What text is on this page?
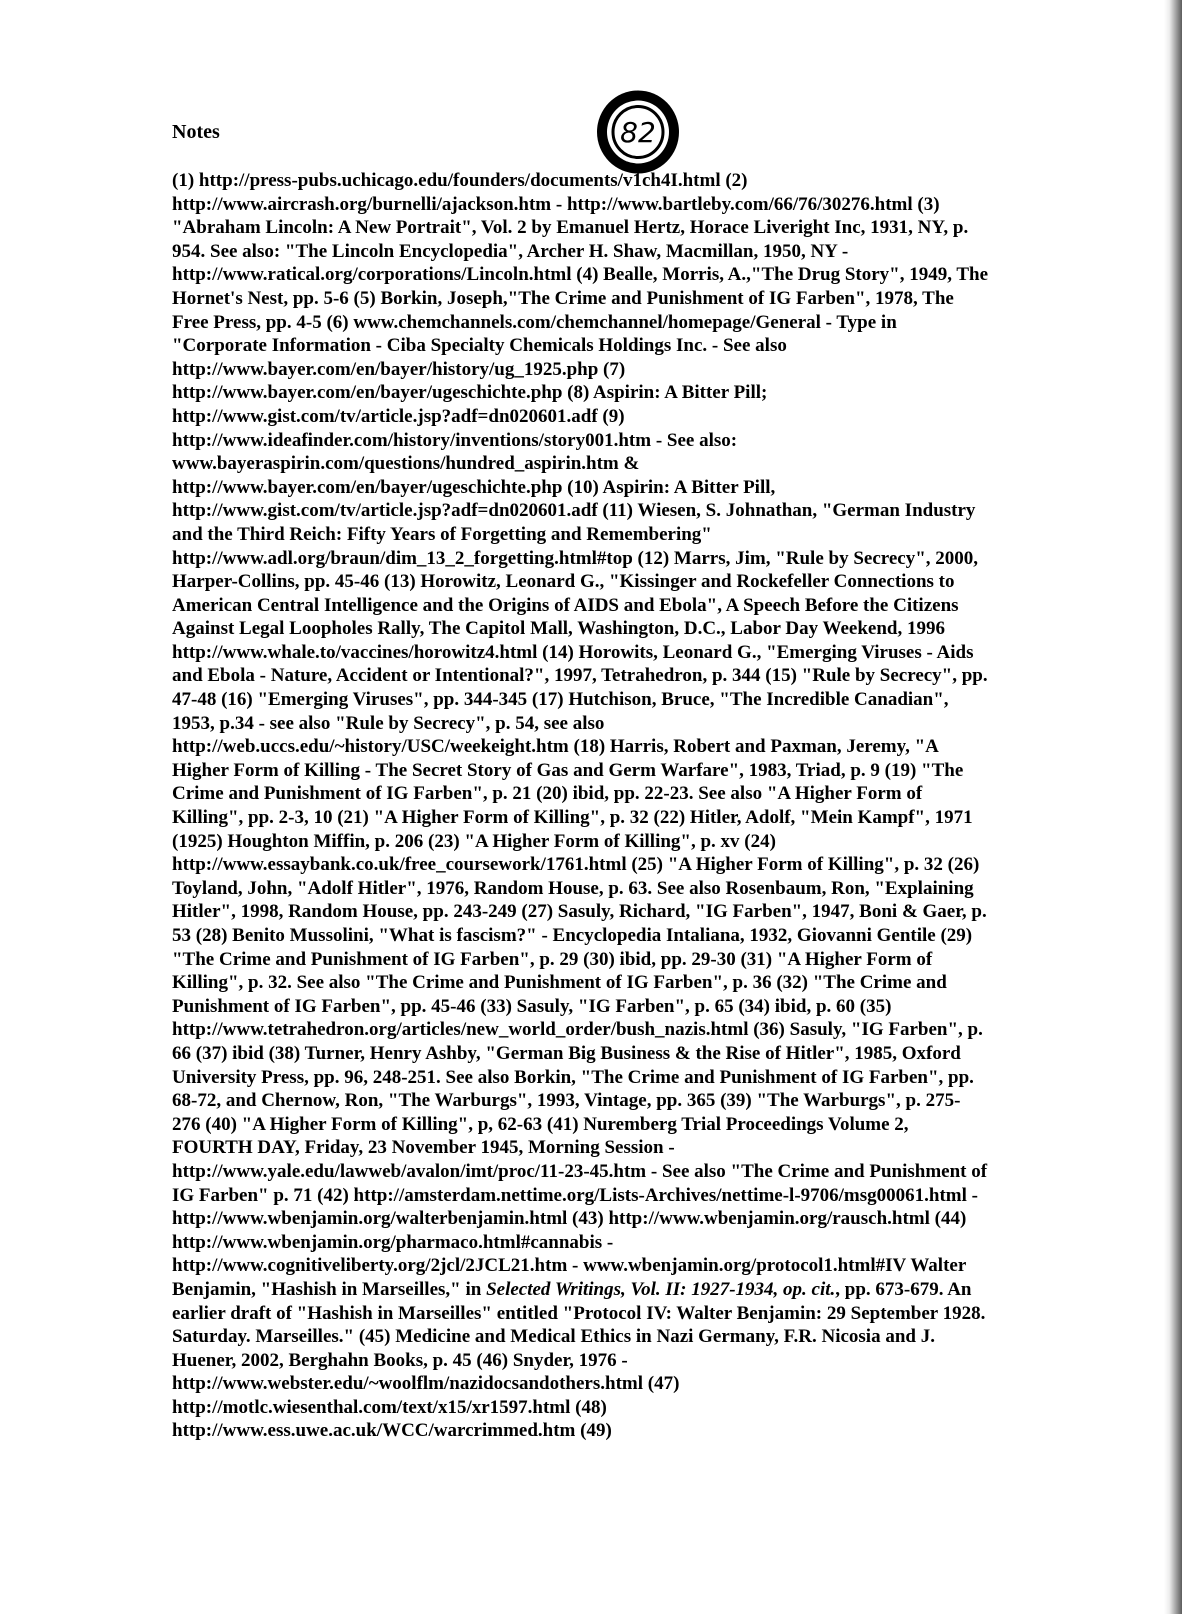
Notes	82
(1) http://press-pubs.uchicago.edu/founders/documents/v1ch4I.html (2)
http://www.aircrash.org/burnelli/ajackson.htm - http://www.bartleby.com/66/76/30276.html (3)
"Abraham Lincoln: A New Portrait", Vol. 2 by Emanuel Hertz, Horace Liveright Inc, 1931, NY, p.
954. See also: "The Lincoln Encyclopedia", Archer H. Shaw, Macmillan, 1950, NY -
http://www.ratical.org/corporations/Lincoln.html (4) Bealle, Morris, A.,"The Drug Story", 1949, The
Hornet's Nest, pp. 5-6 (5) Borkin, Joseph,"The Crime and Punishment of IG Farben", 1978, The
Free Press, pp. 4-5 (6) www.chemchannels.com/chemchannel/homepage/General - Type in
"Corporate Information - Ciba Specialty Chemicals Holdings Inc. - See also
http://www.bayer.com/en/bayer/history/ug_1925.php (7)
http://www.bayer.com/en/bayer/ugeschichte.php (8) Aspirin: A Bitter Pill;
http://www.gist.com/tv/article.jsp?adf=dn020601.adf (9)
http://www.ideafinder.com/history/inventions/story001.htm - See also:
www.bayeraspirin.com/questions/hundred_aspirin.htm &
http://www.bayer.com/en/bayer/ugeschichte.php (10) Aspirin: A Bitter Pill,
http://www.gist.com/tv/article.jsp?adf=dn020601.adf (11) Wiesen, S. Johnathan, "German Industry
and the Third Reich: Fifty Years of Forgetting and Remembering"
http://www.adl.org/braun/dim_13_2_forgetting.html#top (12) Marrs, Jim, "Rule by Secrecy", 2000,
Harper-Collins, pp. 45-46 (13) Horowitz, Leonard G., "Kissinger and Rockefeller Connections to
American Central Intelligence and the Origins of AIDS and Ebola", A Speech Before the Citizens
Against Legal Loopholes Rally, The Capitol Mall, Washington, D.C., Labor Day Weekend, 1996
http://www.whale.to/vaccines/horowitz4.html (14) Horowits, Leonard G., "Emerging Viruses - Aids
and Ebola - Nature, Accident or Intentional?", 1997, Tetrahedron, p. 344 (15) "Rule by Secrecy", pp.
47-48 (16) "Emerging Viruses", pp. 344-345 (17) Hutchison, Bruce, "The Incredible Canadian",
1953, p.34 - see also "Rule by Secrecy", p. 54, see also
http://web.uccs.edu/~history/USC/weekeight.htm (18) Harris, Robert and Paxman, Jeremy, "A
Higher Form of Killing - The Secret Story of Gas and Germ Warfare", 1983, Triad, p. 9 (19) "The
Crime and Punishment of IG Farben", p. 21 (20) ibid, pp. 22-23. See also "A Higher Form of
Killing", pp. 2-3, 10 (21) "A Higher Form of Killing", p. 32 (22) Hitler, Adolf, "Mein Kampf", 1971
(1925) Houghton Miffin, p. 206 (23) "A Higher Form of Killing", p. xv (24)
http://www.essaybank.co.uk/free_coursework/1761.html (25) "A Higher Form of Killing", p. 32 (26)
Toyland, John, "Adolf Hitler", 1976, Random House, p. 63. See also Rosenbaum, Ron, "Explaining
Hitler", 1998, Random House, pp. 243-249 (27) Sasuly, Richard, "IG Farben", 1947, Boni & Gaer, p.
53 (28) Benito Mussolini, "What is fascism?" - Encyclopedia Intaliana, 1932, Giovanni Gentile (29)
"The Crime and Punishment of IG Farben", p. 29 (30) ibid, pp. 29-30 (31) "A Higher Form of
Killing", p. 32. See also "The Crime and Punishment of IG Farben", p. 36 (32) "The Crime and
Punishment of IG Farben", pp. 45-46 (33) Sasuly, "IG Farben", p. 65 (34) ibid, p. 60 (35)
http://www.tetrahedron.org/articles/new_world_order/bush_nazis.html (36) Sasuly, "IG Farben", p.
66 (37) ibid (38) Turner, Henry Ashby, "German Big Business & the Rise of Hitler", 1985, Oxford
University Press, pp. 96, 248-251. See also Borkin, "The Crime and Punishment of IG Farben", pp.
68-72, and Chernow, Ron, "The Warburgs", 1993, Vintage, pp. 365 (39) "The Warburgs", p. 275-
276 (40) "A Higher Form of Killing", p, 62-63 (41) Nuremberg Trial Proceedings Volume 2,
FOURTH DAY, Friday, 23 November 1945, Morning Session -
http://www.yale.edu/lawweb/avalon/imt/proc/11-23-45.htm - See also "The Crime and Punishment of
IG Farben" p. 71 (42) http://amsterdam.nettime.org/Lists-Archives/nettime-l-9706/msg00061.html -
http://www.wbenjamin.org/walterbenjamin.html (43) http://www.wbenjamin.org/rausch.html (44)
http://www.wbenjamin.org/pharmaco.html#cannabis -
http://www.cognitiveliberty.org/2jcl/2JCL21.htm - www.wbenjamin.org/protocol1.html#IV Walter
Benjamin, "Hashish in Marseilles," in Selected Writings, Vol. II: 1927-1934, op. cit., pp. 673-679. An
earlier draft of "Hashish in Marseilles" entitled "Protocol IV: Walter Benjamin: 29 September 1928.
Saturday. Marseilles." (45) Medicine and Medical Ethics in Nazi Germany, F.R. Nicosia and J.
Huener, 2002, Berghahn Books, p. 45 (46) Snyder, 1976 -
http://www.webster.edu/~woolflm/nazidocsandothers.html (47)
http://motlc.wiesenthal.com/text/x15/xr1597.html (48)
http://www.ess.uwe.ac.uk/WCC/warcrimmed.htm (49)
